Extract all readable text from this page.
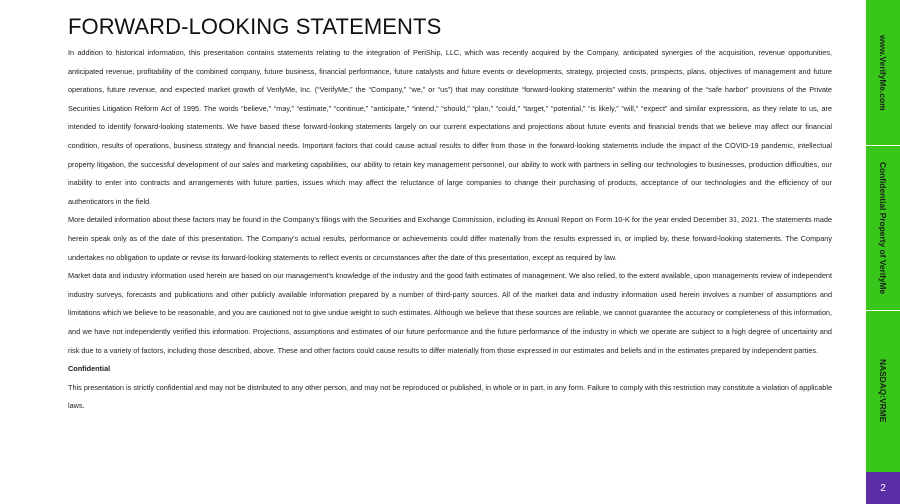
FORWARD-LOOKING STATEMENTS

In addition to historical information, this presentation contains statements relating to the integration of PeriShip, LLC, which was recently acquired by the Company, anticipated synergies of the acquisition, revenue opportunities, anticipated revenue, profitability of the combined company, future business, financial performance, future catalysts and future events or developments, strategy, projected costs, prospects, plans, objectives of management and future operations, future revenue, and expected market growth of VerifyMe, Inc. (“VerifyMe,” the “Company,” “we,” or “us”) that may constitute “forward-looking statements” within the meaning of the “safe harbor” provisions of the Private Securities Litigation Reform Act of 1995. The words “believe,” “may,” “estimate,” “continue,” “anticipate,” “intend,” “should,” “plan,” “could,” “target,” “potential,” “is likely,” “will,” “expect” and similar expressions, as they relate to us, are intended to identify forward-looking statements. We have based these forward-looking statements largely on our current expectations and projections about future events and financial trends that we believe may affect our financial condition, results of operations, business strategy and financial needs. Important factors that could cause actual results to differ from those in the forward-looking statements include the impact of the COVID-19 pandemic, intellectual property litigation, the successful development of our sales and marketing capabilities, our ability to retain key management personnel, our ability to work with partners in selling our technologies to businesses, production difficulties, our inability to enter into contracts and arrangements with future parties, issues which may affect the reluctance of large companies to change their purchasing of products, acceptance of our technologies and the efficiency of our authenticators in the field.

More detailed information about these factors may be found in the Company’s filings with the Securities and Exchange Commission, including its Annual Report on Form 10-K for the year ended December 31, 2021. The statements made herein speak only as of the date of this presentation. The Company’s actual results, performance or achievements could differ materially from the results expressed in, or implied by, these forward-looking statements. The Company undertakes no obligation to update or revise its forward-looking statements to reflect events or circumstances after the date of this presentation, except as required by law.

Market data and industry information used herein are based on our management’s knowledge of the industry and the good faith estimates of management. We also relied, to the extent available, upon managements review of independent industry surveys, forecasts and publications and other publicly available information prepared by a number of third-party sources. All of the market data and industry information used herein involves a number of assumptions and limitations which we believe to be reasonable, and you are cautioned not to give undue weight to such estimates. Although we believe that these sources are reliable, we cannot guarantee the accuracy or completeness of this information, and we have not independently verified this information. Projections, assumptions and estimates of our future performance and the future performance of the industry in which we operate are subject to a high degree of uncertainty and risk due to a variety of factors, including those described, above. These and other factors could cause results to differ materially from those expressed in our estimates and beliefs and in the estimates prepared by independent parties.

Confidential

This presentation is strictly confidential and may not be distributed to any other person, and may not be reproduced or published, in whole or in part, in any form. Failure to comply with this restriction may constitute a violation of applicable laws.

www.VerifyMe.com
Confidential Property of VerifyMe
NASDAQ:VRME
2
